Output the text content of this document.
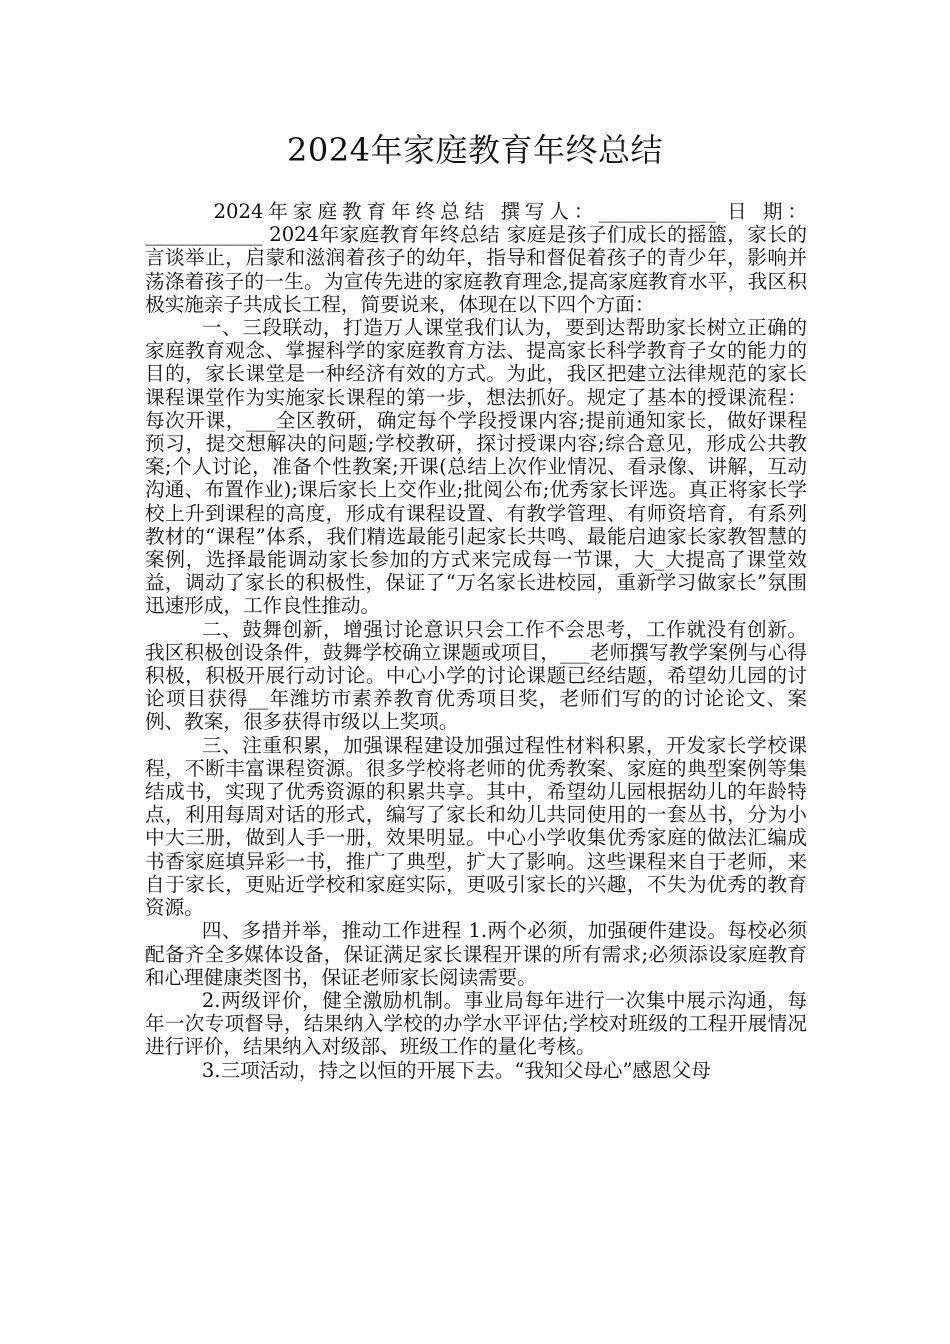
2024年家庭教育年终总结

2024年家庭教育年终总结 撰写人：____________ 日 期：____________ 2024年家庭教育年终总结 家庭是孩子们成长的摇篮，家长的言谈举止，启蒙和滋润着孩子的幼年，指导和督促着孩子的青少年，影响并荡涤着孩子的一生。为宣传先进的家庭教育理念,提高家庭教育水平，我区积极实施亲子共成长工程，简要说来，体现在以下四个方面：

一、三段联动，打造万人课堂我们认为，要到达帮助家长树立正确的家庭教育观念、掌握科学的家庭教育方法、提高家长科学教育子女的能力的目的，家长课堂是一种经济有效的方式。为此，我区把建立法律规范的家长课程课堂作为实施家长课程的第一步，想法抓好。规定了基本的授课流程：每次开课，___全区教研，确定每个学段授课内容;提前通知家长，做好课程预习，提交想解决的问题;学校教研，探讨授课内容;综合意见，形成公共教案;个人讨论，准备个性教案;开课(总结上次作业情况、看录像、讲解，互动沟通、布置作业);课后家长上交作业;批阅公布;优秀家长评选。真正将家长学校上升到课程的高度，形成有课程设置、有教学管理、有师资培育，有系列教材的“课程”体系，我们精选最能引起家长共鸣、最能启迪家长家教智慧的案例，选择最能调动家长参加的方式来完成每一节课，大_大提高了课堂效益，调动了家长的积极性，保证了“万名家长进校园，重新学习做家长”氛围迅速形成，工作良性推动。

二、鼓舞创新，增强讨论意识只会工作不会思考，工作就没有创新。我区积极创设条件，鼓舞学校确立课题或项目，___老师撰写教学案例与心得积极，积极开展行动讨论。中心小学的讨论课题已经结题，希望幼儿园的讨论项目获得__年潍坊市素养教育优秀项目奖，老师们写的的讨论论文、案例、教案，很多获得市级以上奖项。

三、注重积累，加强课程建设加强过程性材料积累，开发家长学校课程，不断丰富课程资源。很多学校将老师的优秀教案、家庭的典型案例等集结成书，实现了优秀资源的积累共享。其中，希望幼儿园根据幼儿的年龄特点，利用每周对话的形式，编写了家长和幼儿共同使用的一套丛书，分为小中大三册，做到人手一册，效果明显。中心小学收集优秀家庭的做法汇编成书香家庭填异彩一书，推广了典型，扩大了影响。这些课程来自于老师，来自于家长，更贴近学校和家庭实际，更吸引家长的兴趣，不失为优秀的教育资源。

四、多措并举，推动工作进程 1.两个必须，加强硬件建设。每校必须配备齐全多媒体设备，保证满足家长课程开课的所有需求;必须添设家庭教育和心理健康类图书，保证老师家长阅读需要。

2.两级评价，健全激励机制。事业局每年进行一次集中展示沟通，每年一次专项督导，结果纳入学校的办学水平评估;学校对班级的工程开展情况进行评价，结果纳入对级部、班级工作的量化考核。

3.三项活动，持之以恒的开展下去。“我知父母心”感恩父母
